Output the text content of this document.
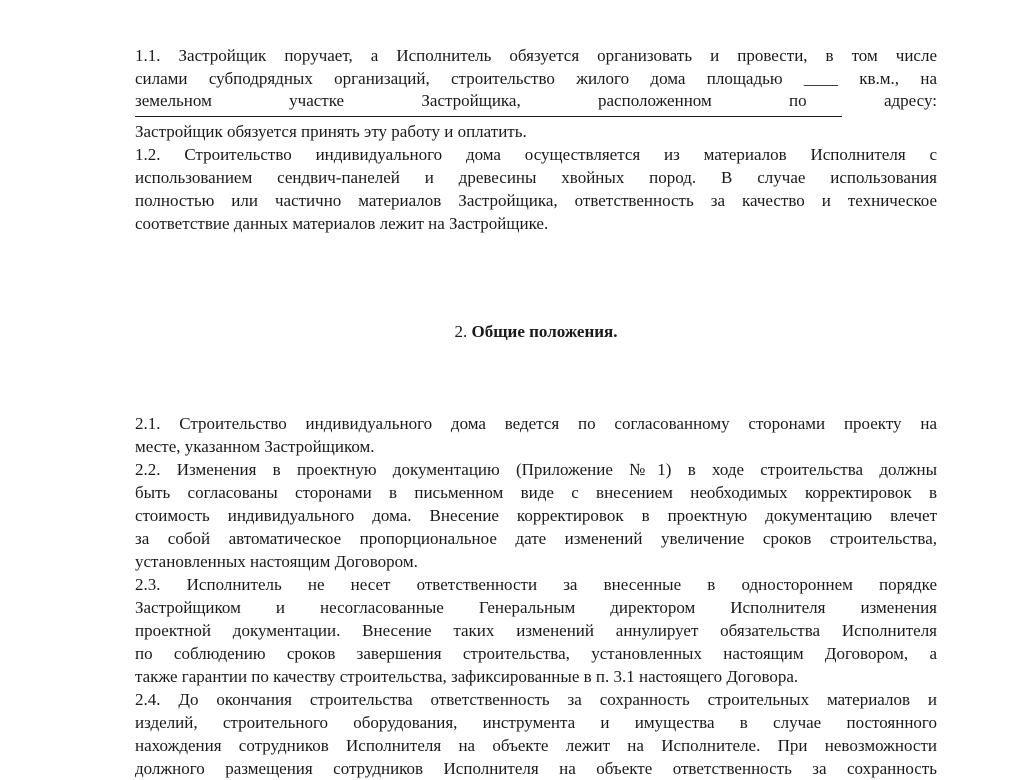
1.1. Застройщик поручает, а Исполнитель обязуется организовать и провести, в том числе
силами субподрядных организаций, строительство жилого дома площадью ____ кв.м., на
земельном	участке	Застройщика,	расположенном	по	адресу:
Застройщик обязуется принять эту работу и оплатить.
1.2. Строительство индивидуального дома осуществляется из материалов Исполнителя с
использованием сендвич-панелей и древесины хвойных пород. В случае использования
полностью или частично материалов Застройщика, ответственность за качество и техническое
соответствие данных материалов лежит на Застройщике.
2. Общие положения.
2.1. Строительство индивидуального дома ведется по согласованному сторонами проекту на
месте, указанном Застройщиком.
2.2. Изменения в проектную документацию (Приложение №1) в ходе строительства должны
быть согласованы сторонами в письменном виде с внесением необходимых корректировок в
стоимость индивидуального дома. Внесение корректировок в проектную документацию влечет
за собой автоматическое пропорциональное дате изменений увеличение сроков строительства,
установленных настоящим Договором.
2.3. Исполнитель не несет ответственности за внесенные в одностороннем порядке
Застройщиком и несогласованные Генеральным директором Исполнителя изменения
проектной документации. Внесение таких изменений аннулирует обязательства Исполнителя
по соблюдению сроков завершения строительства, установленных настоящим Договором, а
также гарантии по качеству строительства, зафиксированные в п. 3.1 настоящего Договора.
2.4. До окончания строительства ответственность за сохранность строительных материалов и
изделий, строительного оборудования, инструмента и имущества в случае постоянного
нахождения сотрудников Исполнителя на объекте лежит на Исполнителе. При невозможности
должного размещения сотрудников Исполнителя на объекте ответственность за сохранность
